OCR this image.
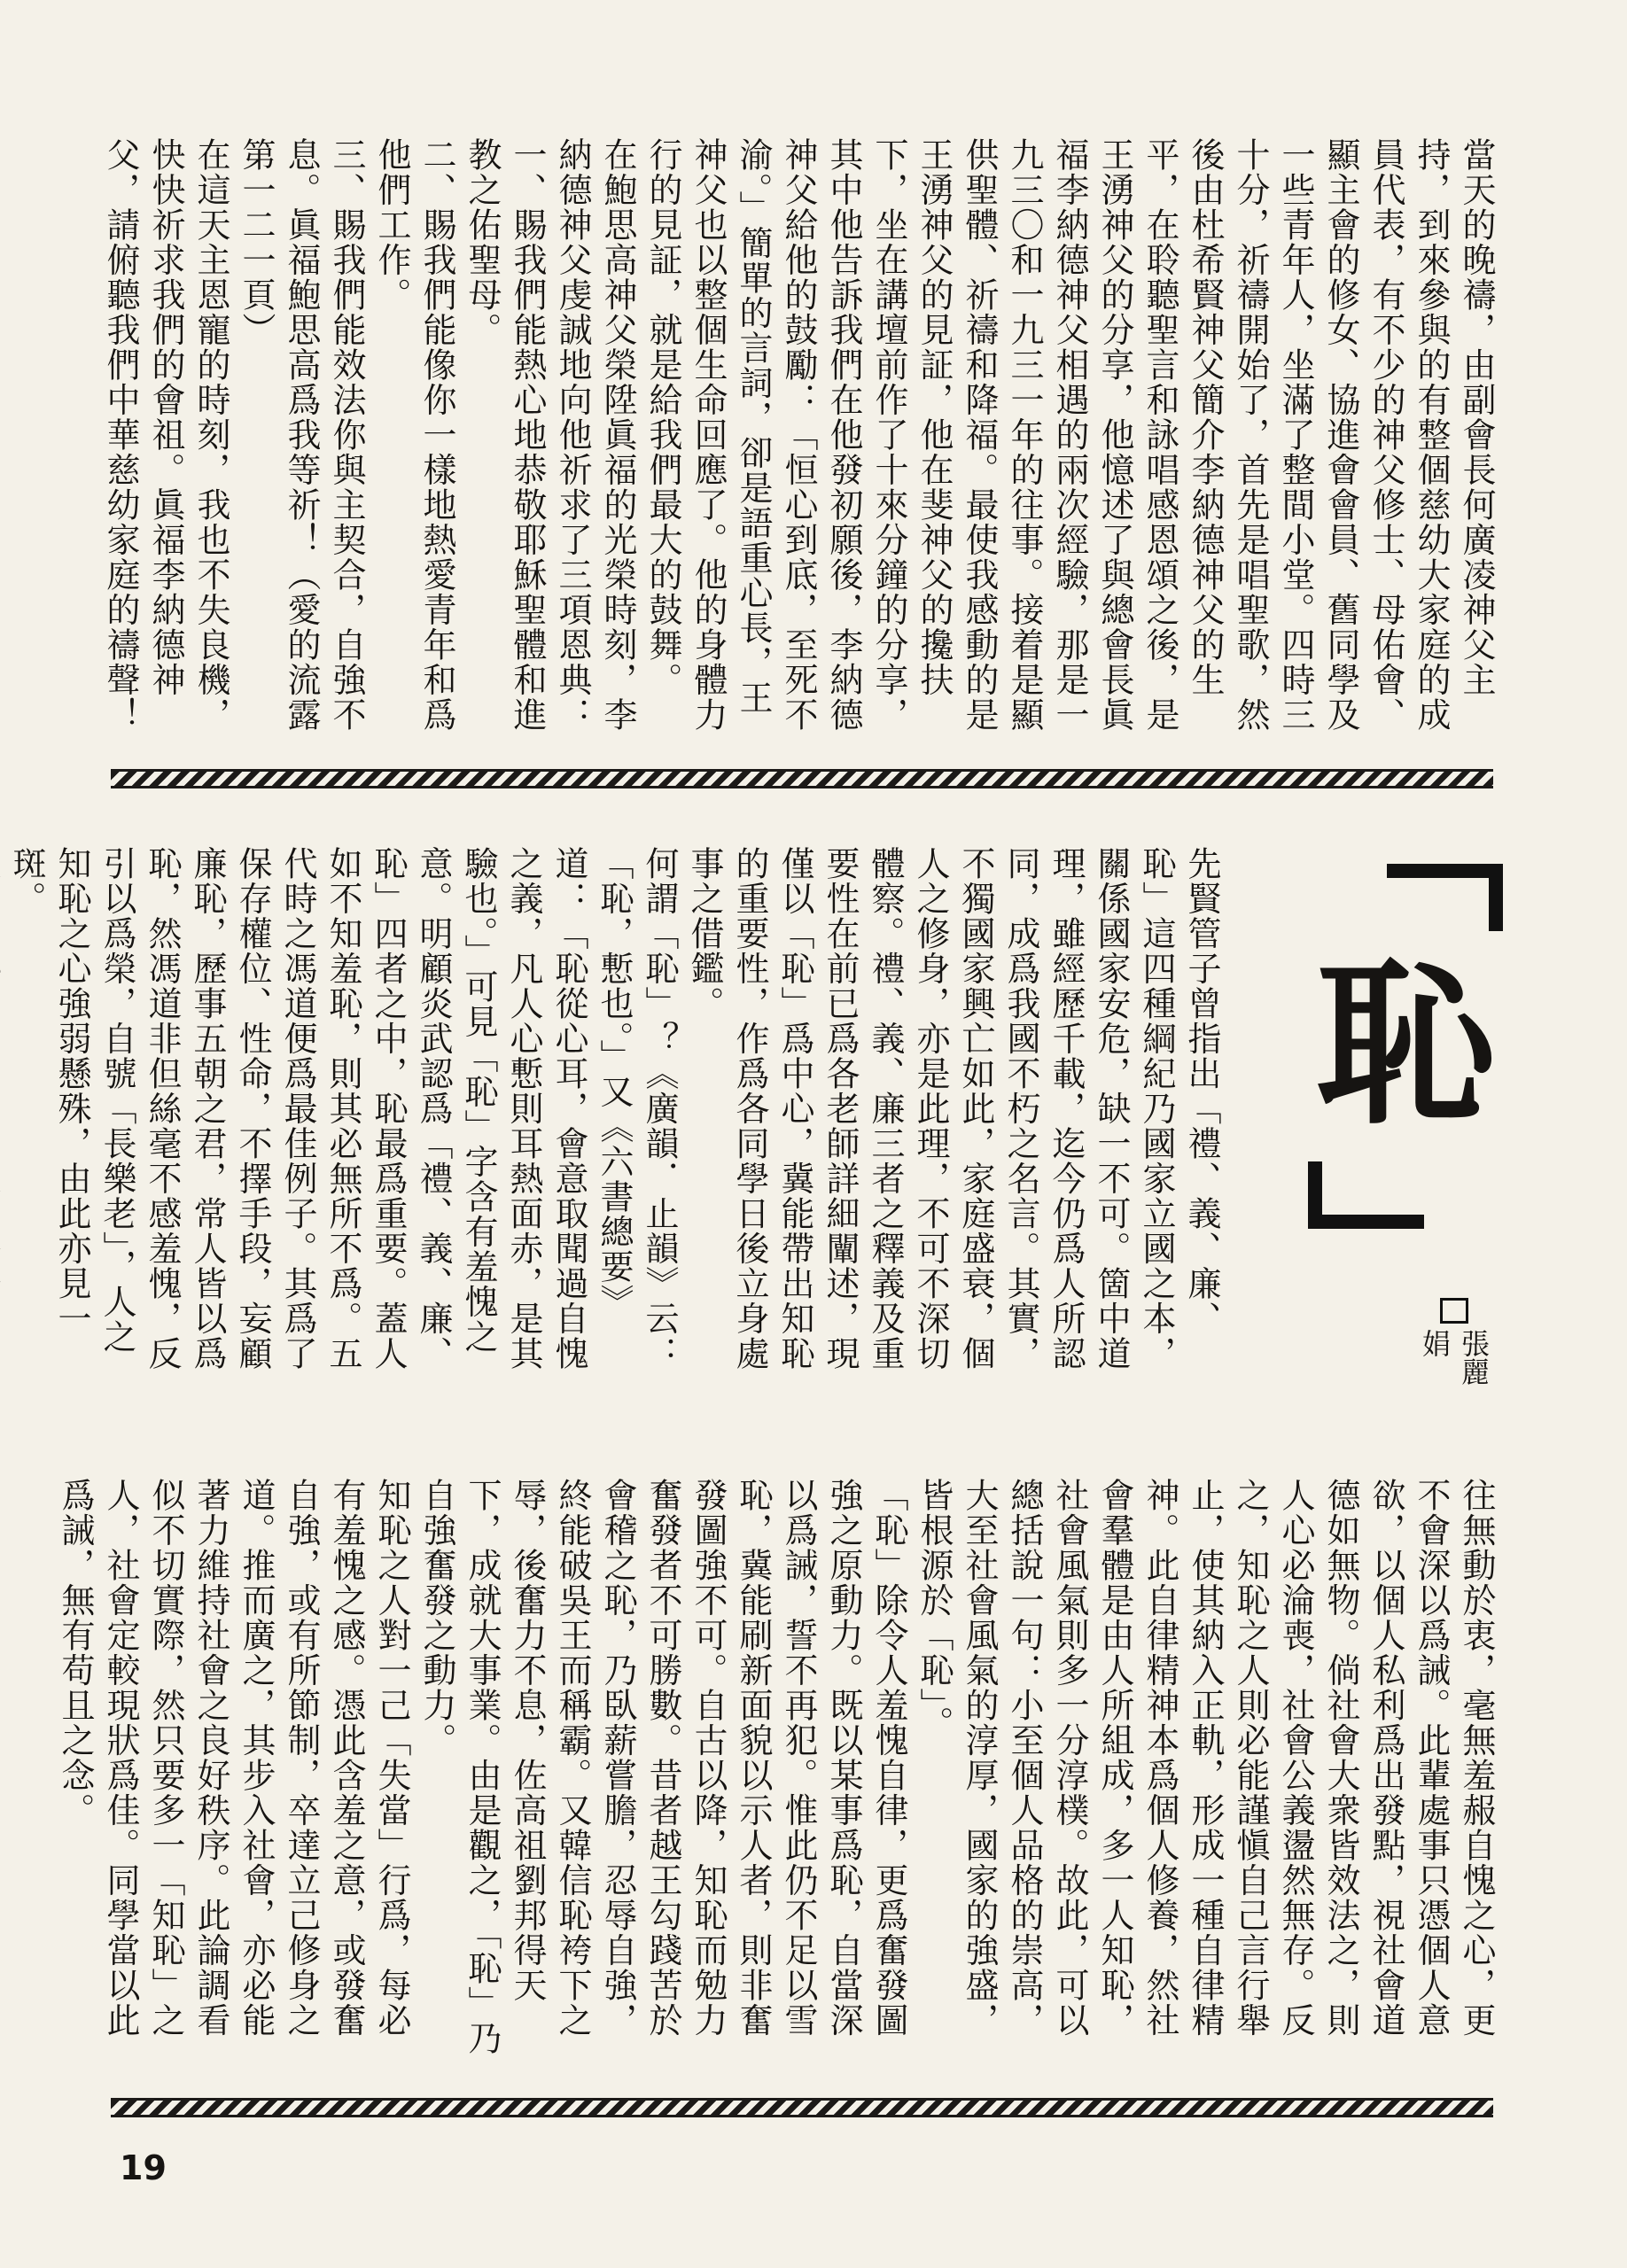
當天的晚禱，由副會長何廣凌神父主持，到來參與的有整個慈幼大家庭的成員代表，有不少的神父修士、母佑會、顯主會的修女、協進會會員、舊同學及一些青年人，坐滿了整間小堂。四時三十分，祈禱開始了，首先是唱聖歌，然後由杜希賢神父簡介李納德神父的生平，在聆聽聖言和詠唱感恩頌之後，是王湧神父的分享，他憶述了與總會長眞福李納德神父相遇的兩次經驗，那是一九三〇和一九三一年的往事。接着是顯供聖體、祈禱和降福。最使我感動的是王湧神父的見証，他在斐神父的攙扶下，坐在講壇前作了十來分鐘的分享，其中他告訴我們在他發初願後，李納德神父給他的鼓勵：「恒心到底，至死不渝。」簡單的言詞，卻是語重心長，王神父也以整個生命回應了。他的身體力行的見証，就是給我們最大的鼓舞。

在鮑思高神父榮陞眞福的光榮時刻，李納德神父虔誠地向他祈求了三項恩典：

一、賜我們能熱心地恭敬耶穌聖體和進教之佑聖母。

二、賜我們能像你一樣地熱愛青年和爲他們工作。

三、賜我們能效法你與主契合，自強不息。眞福鮑思高爲我等祈！（愛的流露第一二一頁）

在這天主恩寵的時刻，我也不失良機，快快祈求我們的會祖。眞福李納德神父，請俯聽我們中華慈幼家庭的禱聲！

恥
張麗娟

先賢管子曾指出「禮、義、廉、恥」這四種綱紀乃國家立國之本，關係國家安危，缺一不可。箇中道理，雖經歷千載，迄今仍爲人所認同，成爲我國不朽之名言。其實，不獨國家興亡如此，家庭盛衰，個人之修身，亦是此理，不可不深切體察。禮、義、廉三者之釋義及重要性在前已爲各老師詳細闡述，現僅以「恥」爲中心，冀能帶出知恥的重要性，作爲各同學日後立身處事之借鑑。

何謂「恥」？《廣韻．止韻》云：「恥，慙也。」又《六書總要》道：「恥從心耳，會意取聞過自愧之義，凡人心慙則耳熱面赤，是其驗也。」可見「恥」字含有羞愧之意。明顧炎武認爲「禮、義、廉、恥」四者之中，恥最爲重要。蓋人如不知羞恥，則其必無所不爲。五代時之馮道便爲最佳例子。其爲了保存權位、性命，不擇手段，妄顧廉恥，歷事五朝之君，常人皆以爲恥，然馮道非但絲毫不感羞愧，反引以爲榮，自號「長樂老」，人之知恥之心強弱懸殊，由此亦見一斑。

往無動於衷，毫無羞赧自愧之心，更不會深以爲誡。此輩處事只憑個人意欲，以個人私利爲出發點，視社會道德如無物。倘社會大衆皆效法之，則人心必淪喪，社會公義盪然無存。反之，知恥之人則必能謹愼自己言行舉止，使其納入正軌，形成一種自律精神。此自律精神本爲個人修養，然社會羣體是由人所組成，多一人知恥，社會風氣則多一分淳樸。故此，可以總括說一句：小至個人品格的崇高，大至社會風氣的淳厚，國家的強盛，皆根源於「恥」。

「恥」除令人羞愧自律，更爲奮發圖強之原動力。既以某事爲恥，自當深以爲誡，誓不再犯。惟此仍不足以雪恥，冀能刷新面貌以示人者，則非奮發圖強不可。自古以降，知恥而勉力奮發者不可勝數。昔者越王勾踐苦於會稽之恥，乃臥薪嘗膽，忍辱自強，終能破吳王而稱霸。又韓信恥袴下之辱，後奮力不息，佐高祖劉邦得天下，成就大事業。由是觀之，「恥」乃自強奮發之動力。

知恥之人對一己「失當」行爲，每必有羞愧之感。憑此含羞之意，或發奮自強，或有所節制，卒達立己修身之道。推而廣之，其步入社會，亦必能著力維持社會之良好秩序。此論調看似不切實際，然只要多一「知恥」之人，社會定較現狀爲佳。同學當以此爲誡，無有苟且之念。

19
